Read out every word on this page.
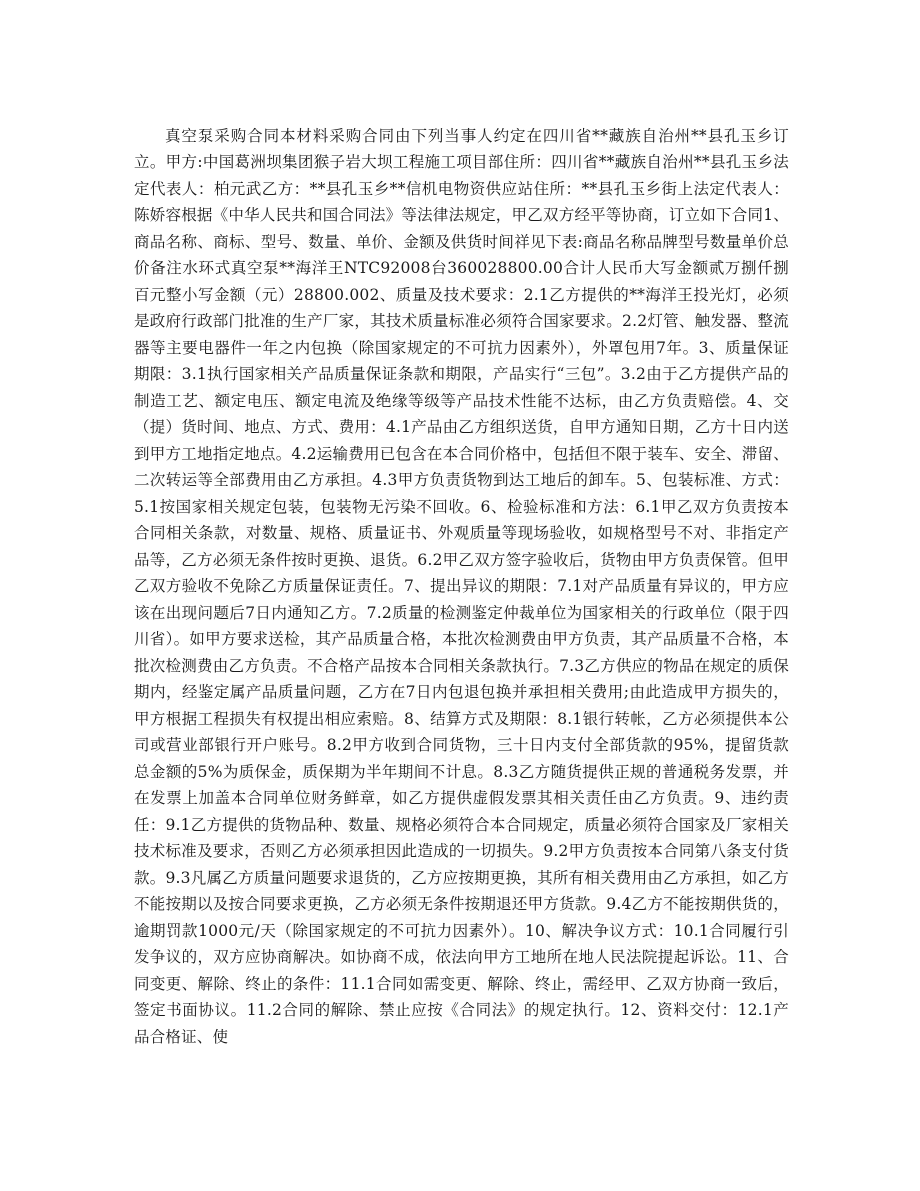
真空泵采购合同本材料采购合同由下列当事人约定在四川省**藏族自治州**县孔玉乡订立。甲方:中国葛洲坝集团猴子岩大坝工程施工项目部住所：四川省**藏族自治州**县孔玉乡法定代表人：柏元武乙方：**县孔玉乡**信机电物资供应站住所：**县孔玉乡街上法定代表人：陈娇容根据《中华人民共和国合同法》等法律法规定，甲乙双方经平等协商，订立如下合同1、商品名称、商标、型号、数量、单价、金额及供货时间祥见下表:商品名称品牌型号数量单价总价备注水环式真空泵**海洋王NTC92008台360028800.00合计人民币大写金额贰万捌仟捌百元整小写金额（元）28800.002、质量及技术要求：2.1乙方提供的**海洋王投光灯，必须是政府行政部门批准的生产厂家，其技术质量标准必须符合国家要求。2.2灯管、触发器、整流器等主要电器件一年之内包换（除国家规定的不可抗力因素外），外罩包用7年。3、质量保证期限：3.1执行国家相关产品质量保证条款和期限，产品实行“三包”。3.2由于乙方提供产品的制造工艺、额定电压、额定电流及绝缘等级等产品技术性能不达标，由乙方负责赔偿。4、交（提）货时间、地点、方式、费用：4.1产品由乙方组织送货，自甲方通知日期，乙方十日内送到甲方工地指定地点。4.2运输费用已包含在本合同价格中，包括但不限于装车、安全、滞留、二次转运等全部费用由乙方承担。4.3甲方负责货物到达工地后的卸车。5、包装标准、方式：5.1按国家相关规定包装，包装物无污染不回收。6、检验标准和方法：6.1甲乙双方负责按本合同相关条款，对数量、规格、质量证书、外观质量等现场验收，如规格型号不对、非指定产品等，乙方必须无条件按时更换、退货。6.2甲乙双方签字验收后，货物由甲方负责保管。但甲乙双方验收不免除乙方质量保证责任。7、提出异议的期限：7.1对产品质量有异议的，甲方应该在出现问题后7日内通知乙方。7.2质量的检测鉴定仲裁单位为国家相关的行政单位（限于四川省）。如甲方要求送检，其产品质量合格，本批次检测费由甲方负责，其产品质量不合格，本批次检测费由乙方负责。不合格产品按本合同相关条款执行。7.3乙方供应的物品在规定的质保期内，经鉴定属产品质量问题，乙方在7日内包退包换并承担相关费用;由此造成甲方损失的，甲方根据工程损失有权提出相应索赔。8、结算方式及期限：8.1银行转帐，乙方必须提供本公司或营业部银行开户账号。8.2甲方收到合同货物，三十日内支付全部货款的95%，提留货款总金额的5%为质保金，质保期为半年期间不计息。8.3乙方随货提供正规的普通税务发票，并在发票上加盖本合同单位财务鲜章，如乙方提供虚假发票其相关责任由乙方负责。9、违约责任：9.1乙方提供的货物品种、数量、规格必须符合本合同规定，质量必须符合国家及厂家相关技术标准及要求，否则乙方必须承担因此造成的一切损失。9.2甲方负责按本合同第八条支付货款。9.3凡属乙方质量问题要求退货的，乙方应按期更换，其所有相关费用由乙方承担，如乙方不能按期以及按合同要求更换，乙方必须无条件按期退还甲方货款。9.4乙方不能按期供货的，逾期罚款1000元/天（除国家规定的不可抗力因素外）。10、解决争议方式：10.1合同履行引发争议的，双方应协商解决。如协商不成，依法向甲方工地所在地人民法院提起诉讼。11、合同变更、解除、终止的条件：11.1合同如需变更、解除、终止，需经甲、乙双方协商一致后，签定书面协议。11.2合同的解除、禁止应按《合同法》的规定执行。12、资料交付：12.1产品合格证、使
